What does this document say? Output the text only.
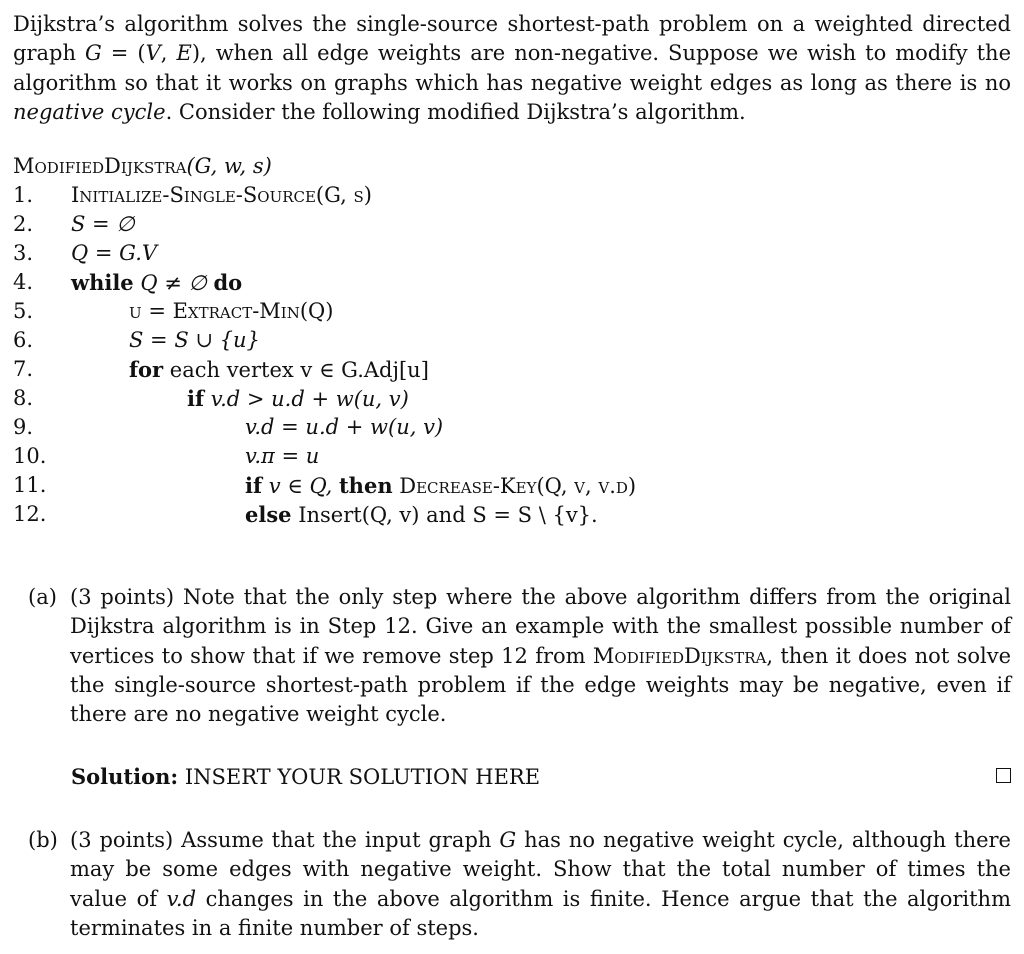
Dijkstra’s algorithm solves the single-source shortest-path problem on a weighted directed graph G = (V, E), when all edge weights are non-negative. Suppose we wish to modify the algorithm so that it works on graphs which has negative weight edges as long as there is no negative cycle. Consider the following modified Dijkstra’s algorithm.

ModifiedDijkstra(G, w, s)
1. Initialize-Single-Source(G, s)
2. S = ∅
3. Q = G.V
4. while Q ≠ ∅ do
5.	u = Extract-Min(Q)
6.	S = S ∪ {u}
7.	for each vertex v ∈ G.Adj[u]
8.	if v.d > u.d + w(u, v)
9.	v.d = u.d + w(u, v)
10.	v.π = u
11.	if v ∈ Q, then Decrease-Key(Q, v, v.d)
12.	else Insert(Q, v) and S = S \ {v}.
(a) (3 points) Note that the only step where the above algorithm differs from the original Dijkstra algorithm is in Step 12. Give an example with the smallest possible number of vertices to show that if we remove step 12 from ModifiedDijkstra, then it does not solve the single-source shortest-path problem if the edge weights may be negative, even if there are no negative weight cycle.
Solution: INSERT YOUR SOLUTION HERE
(b) (3 points) Assume that the input graph G has no negative weight cycle, although there may be some edges with negative weight. Show that the total number of times the value of v.d changes in the above algorithm is finite. Hence argue that the algorithm terminates in a finite number of steps.
